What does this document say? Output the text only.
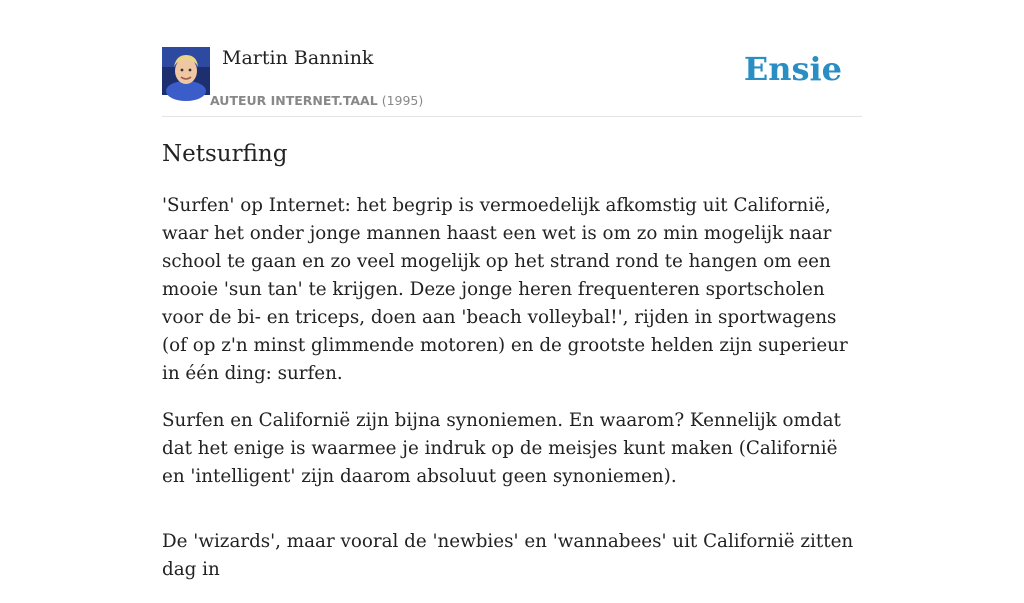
Martin Bannink
AUTEUR INTERNET.TAAL (1995)
Ensie
Netsurfing

'Surfen' op Internet: het begrip is vermoedelijk afkomstig uit Californië, waar het onder jonge mannen haast een wet is om zo min mogelijk naar school te gaan en zo veel mogelijk op het strand rond te hangen om een mooie 'sun tan' te krijgen. Deze jonge heren frequenteren sportscholen voor de bi- en triceps, doen aan 'beach volleybal!', rijden in sportwagens (of op z'n minst glimmende motoren) en de grootste helden zijn superieur in één ding: surfen.

Surfen en Californië zijn bijna synoniemen. En waarom? Kennelijk omdat dat het enige is waarmee je indruk op de meisjes kunt maken (Californië en 'intelligent' zijn daarom absoluut geen synoniemen).

De 'wizards', maar vooral de 'newbies' en 'wannabees' uit Californië zitten dag in
